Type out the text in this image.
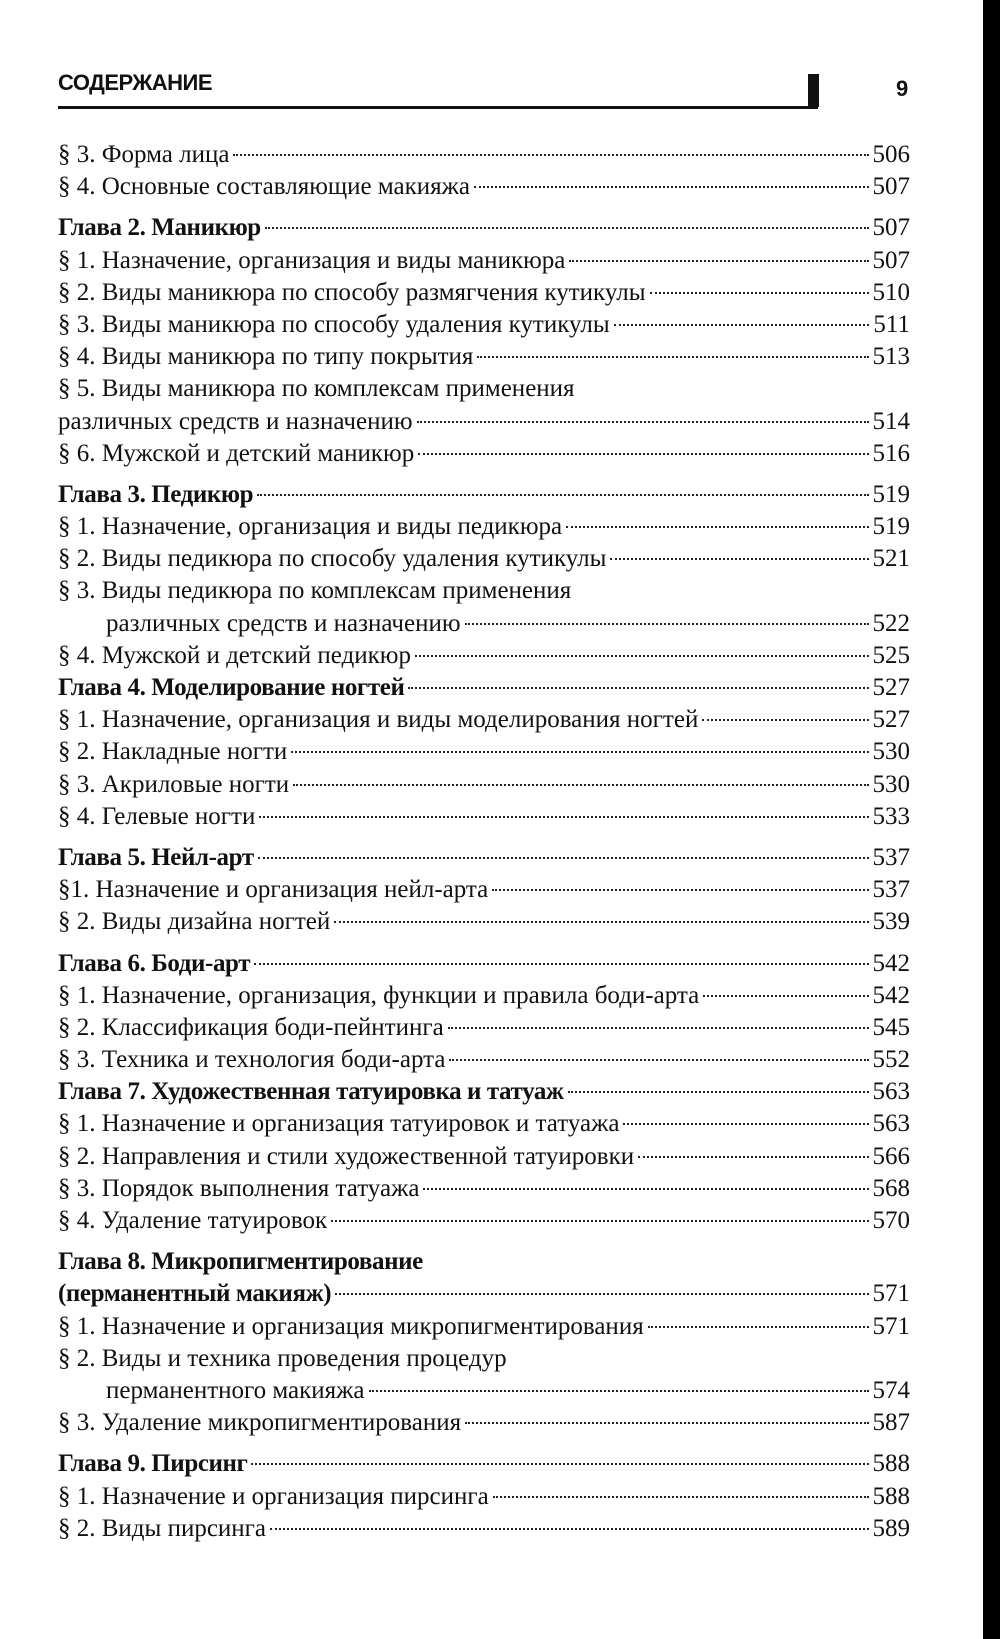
СОДЕРЖАНИЕ	9
§ 3. Форма лица	506
§ 4. Основные составляющие макияжа	507
Глава 2. Маникюр	507
§ 1. Назначение, организация и виды маникюра	507
§ 2. Виды маникюра по способу размягчения кутикулы	510
§ 3. Виды маникюра по способу удаления кутикулы	511
§ 4. Виды маникюра по типу покрытия	513
§ 5. Виды маникюра по комплексам применения
различных средств и назначению	514
§ 6. Мужской и детский маникюр	516
Глава 3. Педикюр	519
§ 1. Назначение, организация и виды педикюра	519
§ 2. Виды педикюра по способу удаления кутикулы	521
§ 3. Виды педикюра по комплексам применения
различных средств и назначению	522
§ 4. Мужской и детский педикюр	525
Глава 4. Моделирование ногтей	527
§ 1. Назначение, организация и виды моделирования ногтей	527
§ 2. Накладные ногти	530
§ 3. Акриловые ногти	530
§ 4. Гелевые ногти	533
Глава 5. Нейл-арт	537
§1. Назначение и организация нейл-арта	537
§ 2. Виды дизайна ногтей	539
Глава 6. Боди-арт	542
§ 1. Назначение, организация, функции и правила боди-арта	542
§ 2. Классификация боди-пейнтинга	545
§ 3. Техника и технология боди-арта	552
Глава 7. Художественная татуировка и татуаж	563
§ 1. Назначение и организация татуировок и татуажа	563
§ 2. Направления и стили художественной татуировки	566
§ 3. Порядок выполнения татуажа	568
§ 4. Удаление татуировок	570
Глава 8. Микропигментирование
(перманентный макияж)	571
§ 1. Назначение и организация микропигментирования	571
§ 2. Виды и техника проведения процедур
перманентного макияжа	574
§ 3. Удаление микропигментирования	587
Глава 9. Пирсинг	588
§ 1. Назначение и организация пирсинга	588
§ 2. Виды пирсинга	589
